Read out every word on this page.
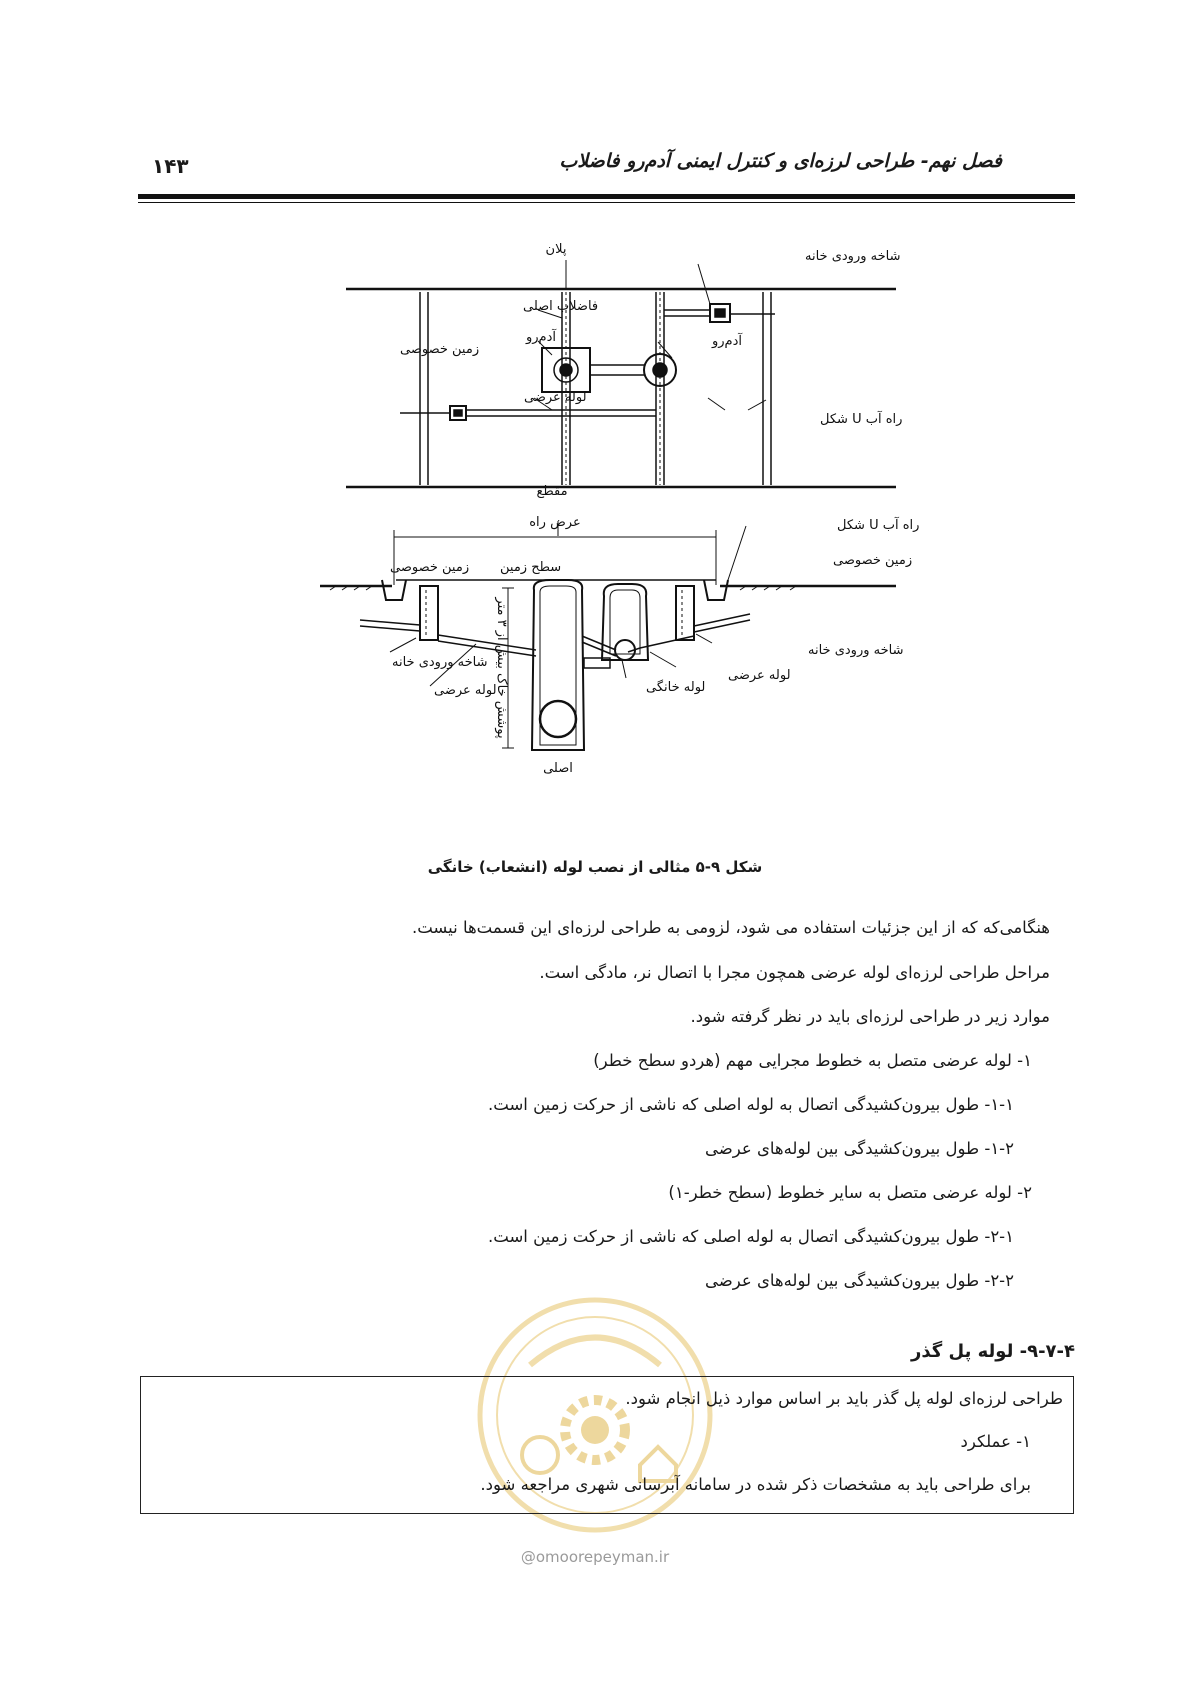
۱۴۳	فصل نهم- طراحی لرزه‌ای و کنترل ایمنی آدم‌رو فاضلاب
پلان	شاخه ورودی خانه
فاضلاب اصلی
آدم‌رو	آدم‌رو
زمین خصوصی
لوله عرضی
راه آب U شکل
مقطع
عرض راه	راه آب U شکل
زمین خصوصی سطح زمین	زمین خصوصی
پوشش خاک بیش از ۳ متر
شاخه ورودی خانه
لوله عرضی
شاخه ورودی خانه
لوله عرضی
لوله خانگی
اصلی
شکل ۹-۵ مثالی از نصب لوله (انشعاب) خانگی
هنگامی‌که که از این جزئیات استفاده می شود، لزومی به طراحی لرزه‌ای این قسمت‌ها نیست.
مراحل طراحی لرزه‌ای لوله عرضی همچون مجرا با اتصال نر، مادگی است.
موارد زیر در طراحی لرزه‌ای باید در نظر گرفته شود.
۱- لوله عرضی متصل به خطوط مجرایی مهم (هردو سطح خطر)
۱-۱- طول بیرون‌کشیدگی اتصال به لوله اصلی که ناشی از حرکت زمین است.
۱-۲- طول بیرون‌کشیدگی بین لوله‌های عرضی
۲- لوله عرضی متصل به سایر خطوط (سطح خطر-۱)
۲-۱- طول بیرون‌کشیدگی اتصال به لوله اصلی که ناشی از حرکت زمین است.
۲-۲- طول بیرون‌کشیدگی بین لوله‌های عرضی
۹-۷-۴- لوله پل گذر
طراحی لرزه‌ای لوله پل گذر باید بر اساس موارد ذیل انجام شود.
۱- عملکرد
برای طراحی باید به مشخصات ذکر شده در سامانه آبرسانی شهری مراجعه شود.
@omoorepeyman.ir
